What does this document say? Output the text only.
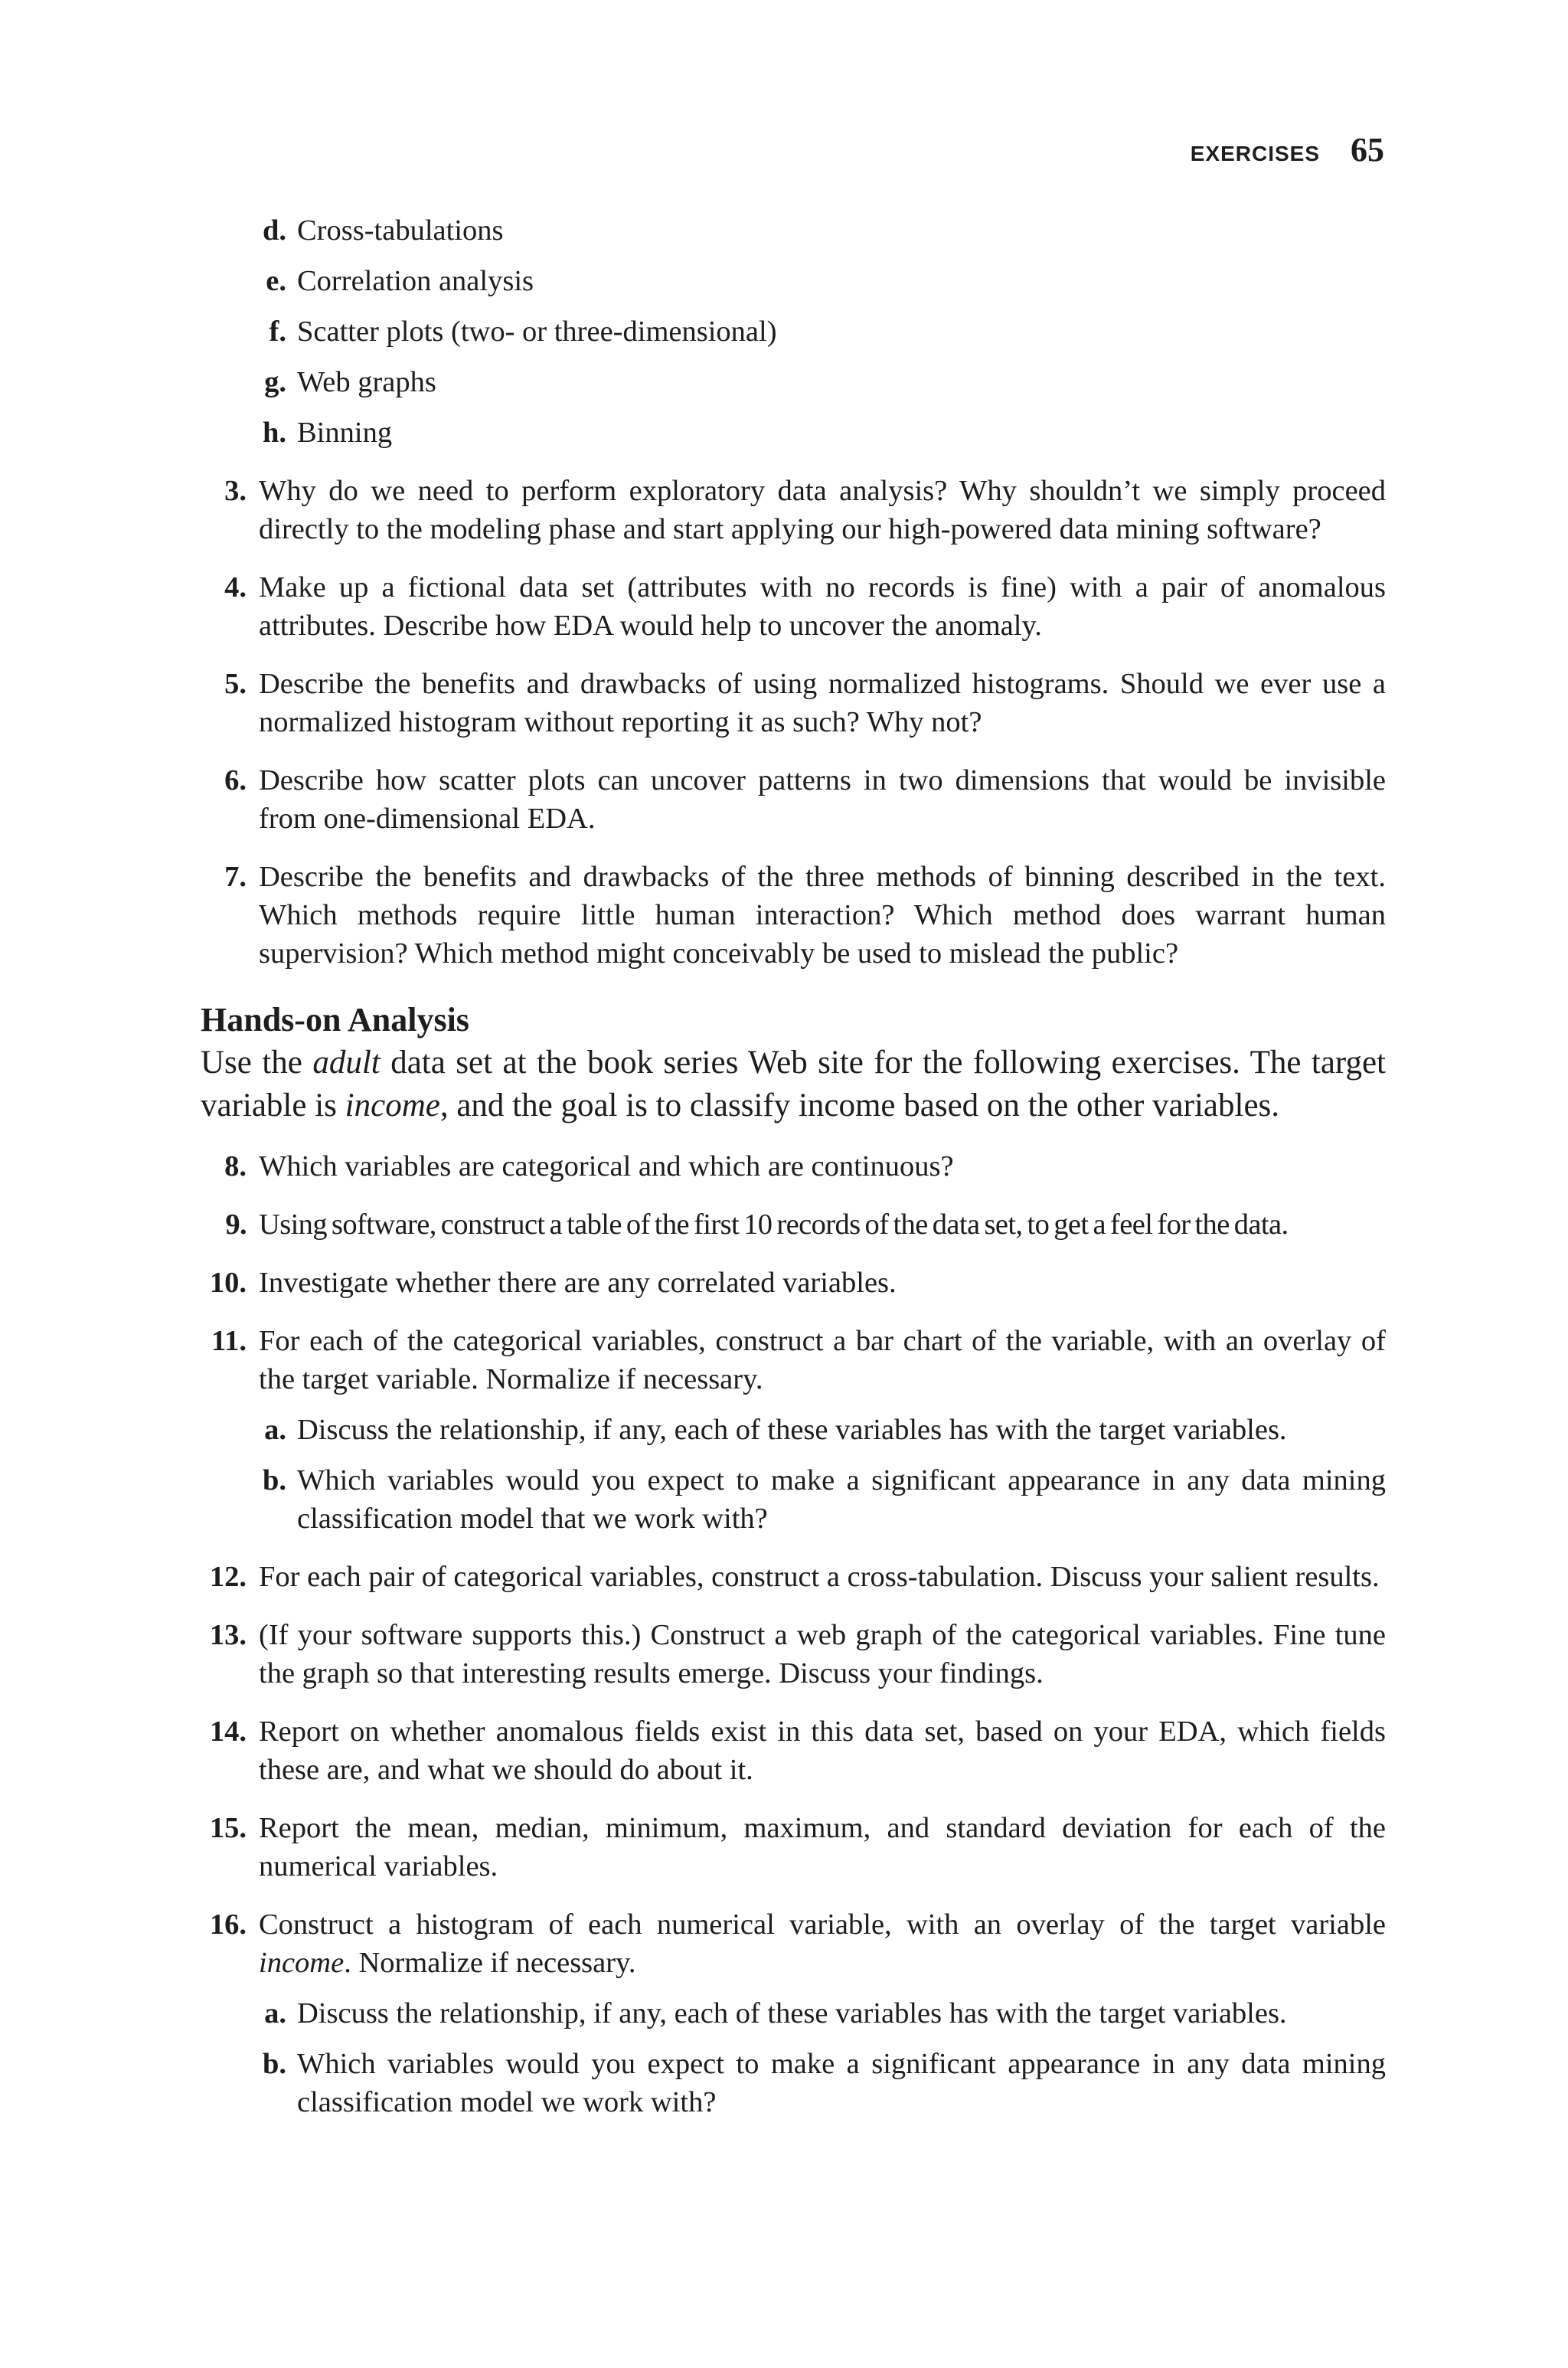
EXERCISES 65
d. Cross-tabulations
e. Correlation analysis
f. Scatter plots (two- or three-dimensional)
g. Web graphs
h. Binning
3. Why do we need to perform exploratory data analysis? Why shouldn’t we simply proceed directly to the modeling phase and start applying our high-powered data mining software?
4. Make up a fictional data set (attributes with no records is fine) with a pair of anomalous attributes. Describe how EDA would help to uncover the anomaly.
5. Describe the benefits and drawbacks of using normalized histograms. Should we ever use a normalized histogram without reporting it as such? Why not?
6. Describe how scatter plots can uncover patterns in two dimensions that would be invisible from one-dimensional EDA.
7. Describe the benefits and drawbacks of the three methods of binning described in the text. Which methods require little human interaction? Which method does warrant human supervision? Which method might conceivably be used to mislead the public?
Hands-on Analysis
Use the adult data set at the book series Web site for the following exercises. The target variable is income, and the goal is to classify income based on the other variables.
8. Which variables are categorical and which are continuous?
9. Using software, construct a table of the first 10 records of the data set, to get a feel for the data.
10. Investigate whether there are any correlated variables.
11. For each of the categorical variables, construct a bar chart of the variable, with an overlay of the target variable. Normalize if necessary.
a. Discuss the relationship, if any, each of these variables has with the target variables.
b. Which variables would you expect to make a significant appearance in any data mining classification model that we work with?
12. For each pair of categorical variables, construct a cross-tabulation. Discuss your salient results.
13. (If your software supports this.) Construct a web graph of the categorical variables. Fine tune the graph so that interesting results emerge. Discuss your findings.
14. Report on whether anomalous fields exist in this data set, based on your EDA, which fields these are, and what we should do about it.
15. Report the mean, median, minimum, maximum, and standard deviation for each of the numerical variables.
16. Construct a histogram of each numerical variable, with an overlay of the target variable income. Normalize if necessary.
a. Discuss the relationship, if any, each of these variables has with the target variables.
b. Which variables would you expect to make a significant appearance in any data mining classification model we work with?
